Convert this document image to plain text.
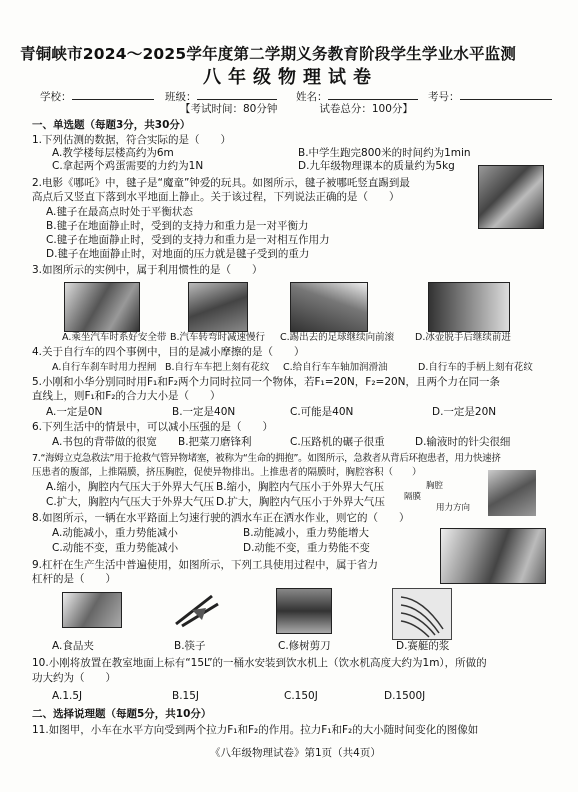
青铜峡市2024～2025学年度第二学期义务教育阶段学生学业水平监测
八年级物理试卷
学校：	班级：	姓名：	考号：
【考试时间：80分钟　　　　试卷总分：100分】
一、单选题（每题3分，共30分）
1.下列估测的数据，符合实际的是（　　）
A.教学楼每层楼高约为6m	B.中学生跑完800米的时间约为1min
C.拿起两个鸡蛋需要的力约为1N	D.九年级物理课本的质量约为5kg
2.电影《哪吒》中，毽子是“魔童”钟爱的玩具。如图所示，毽子被哪吒竖直踢到最
高点后又竖直下落到水平地面上静止。关于该过程，下列说法正确的是（　　）
A.毽子在最高点时处于平衡状态
B.毽子在地面静止时，受到的支持力和重力是一对平衡力
C.毽子在地面静止时，受到的支持力和重力是一对相互作用力
D.毽子在地面静止时，对地面的压力就是毽子受到的重力
3.如图所示的实例中，属于利用惯性的是（　　）
A.乘坐汽车时系好安全带 B.汽车转弯时减速慢行 C.踢出去的足球继续向前滚 D.冰壶脱手后继续前进
4.关于自行车的四个事例中，目的是减小摩擦的是（　　）
A.自行车刹车时用力捏闸 B.自行车车把上刻有花纹 C.给自行车车轴加润滑油	D.自行车的手柄上刻有花纹
5.小刚和小华分别同时用F₁和F₂两个力同时拉同一个物体，若F₁=20N，F₂=20N，且两个力在同一条
直线上，则F₁和F₂的合力大小是（　　）
A.一定是0N	B.一定是40N	C.可能是40N	D.一定是20N
6.下列生活中的情景中，可以减小压强的是（　　）
A.书包的背带做的很宽 B.把菜刀磨锋利	C.压路机的碾子很重	D.输液时的针尖很细
7.“海姆立克急救法”用于抢救气管异物堵塞，被称为“生命的拥抱”。如图所示，急救者从背后环抱患者，用力快速挤
压患者的腹部，上推隔膜，挤压胸腔，促使异物排出。上推患者的隔膜时，胸腔容积（　　）
A.缩小，胸腔内气压大于外界大气压 B.缩小，胸腔内气压小于外界大气压
C.扩大，胸腔内气压大于外界大气压 D.扩大，胸腔内气压小于外界大气压
胸腔
隔膜
用力方向
8.如图所示，一辆在水平路面上匀速行驶的洒水车正在洒水作业，则它的（　　）
A.动能减小，重力势能减小	B.动能减小，重力势能增大
C.动能不变，重力势能减小	D.动能不变，重力势能不变
9.杠杆在生产生活中普遍使用，如图所示，下列工具使用过程中，属于省力
杠杆的是（　　）
A.食品夹	B.筷子	C.修树剪刀	D.赛艇的浆
10.小刚将放置在教室地面上标有“15L”的一桶水安装到饮水机上（饮水机高度大约为1m），所做的
功大约为（　　）
A.1.5J	B.15J	C.150J	D.1500J
二、选择说理题（每题5分，共10分）
11.如图甲，小车在水平方向受到两个拉力F₁和F₂的作用。拉力F₁和F₂的大小随时间变化的图像如
《八年级物理试卷》第1页（共4页）
